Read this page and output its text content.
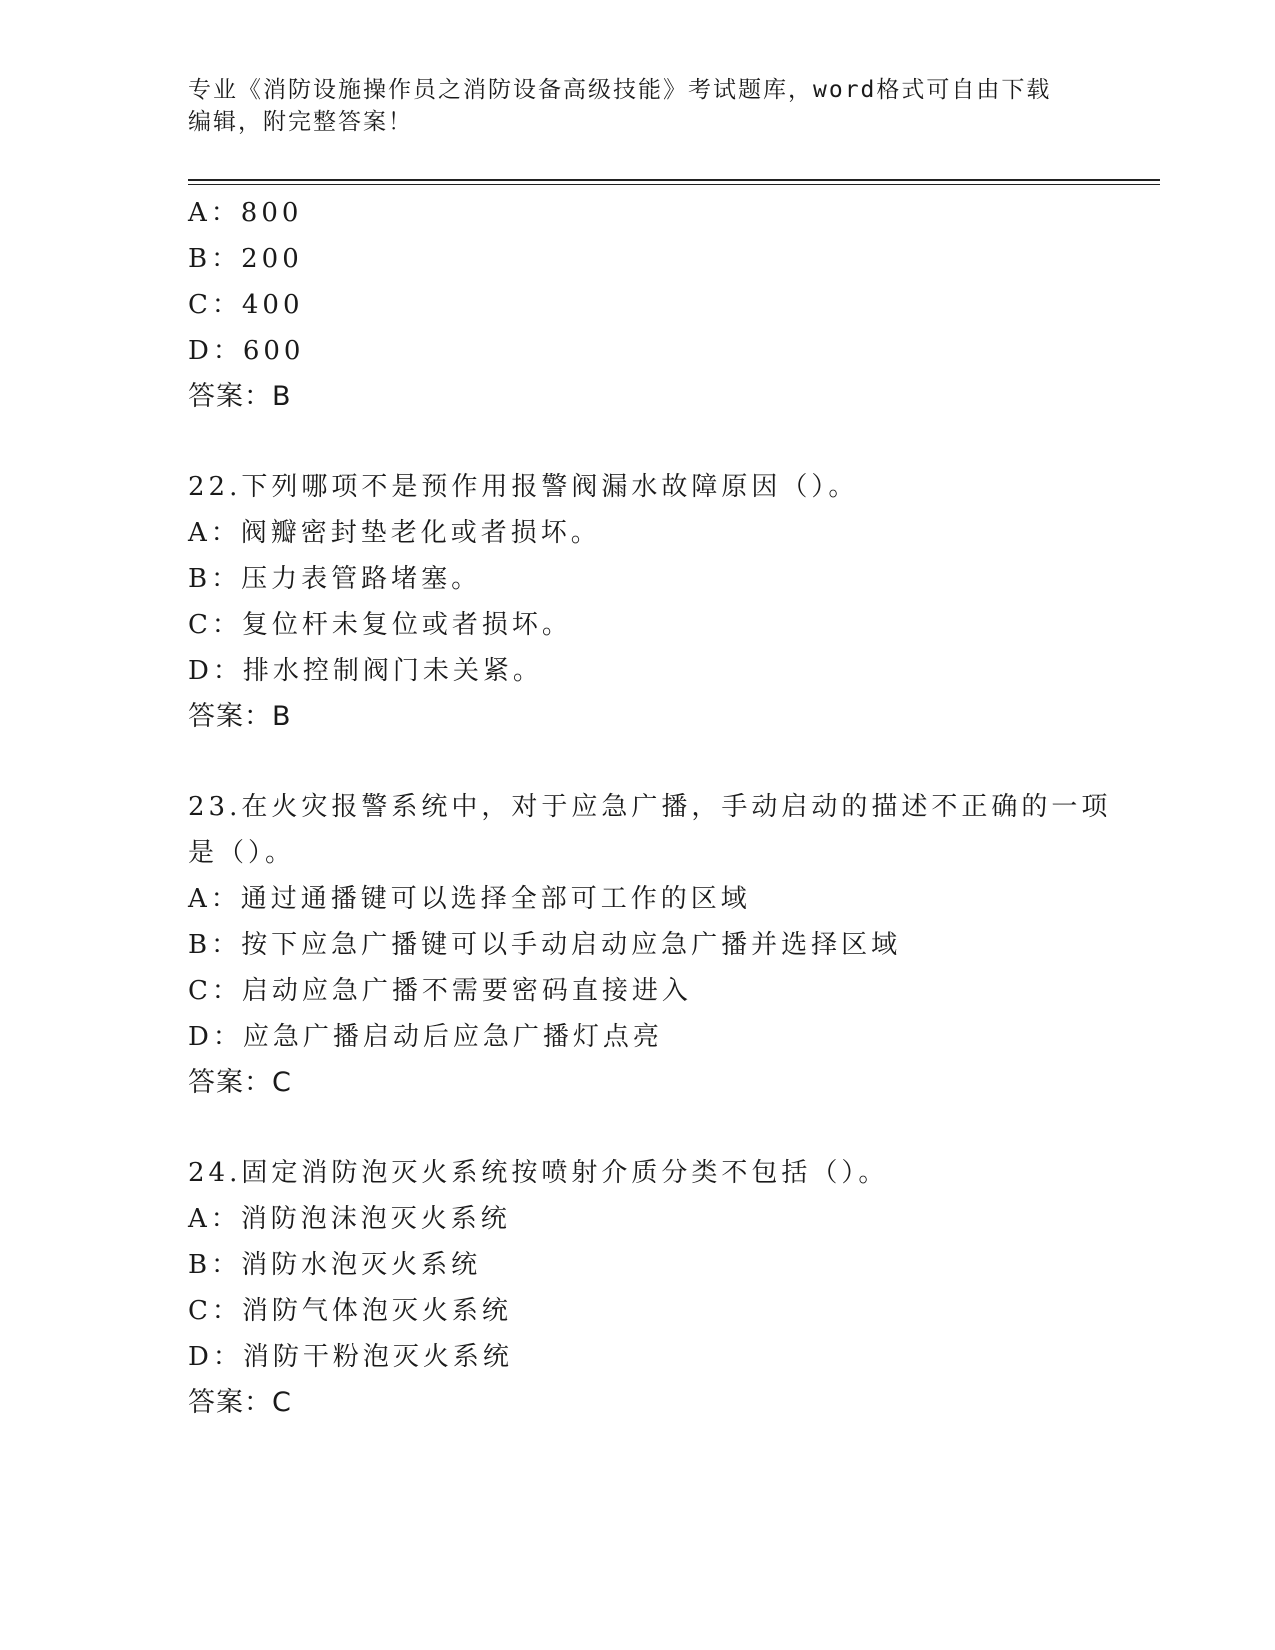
专业《消防设施操作员之消防设备高级技能》考试题库，word格式可自由下载编辑，附完整答案！
A：800
B：200
C：400
D：600
答案：B
22.下列哪项不是预作用报警阀漏水故障原因（）。
A：阀瓣密封垫老化或者损坏。
B：压力表管路堵塞。
C：复位杆未复位或者损坏。
D：排水控制阀门未关紧。
答案：B
23.在火灾报警系统中，对于应急广播，手动启动的描述不正确的一项是（）。
A：通过通播键可以选择全部可工作的区域
B：按下应急广播键可以手动启动应急广播并选择区域
C：启动应急广播不需要密码直接进入
D：应急广播启动后应急广播灯点亮
答案：C
24.固定消防泡灭火系统按喷射介质分类不包括（）。
A：消防泡沫泡灭火系统
B：消防水泡灭火系统
C：消防气体泡灭火系统
D：消防干粉泡灭火系统
答案：C
